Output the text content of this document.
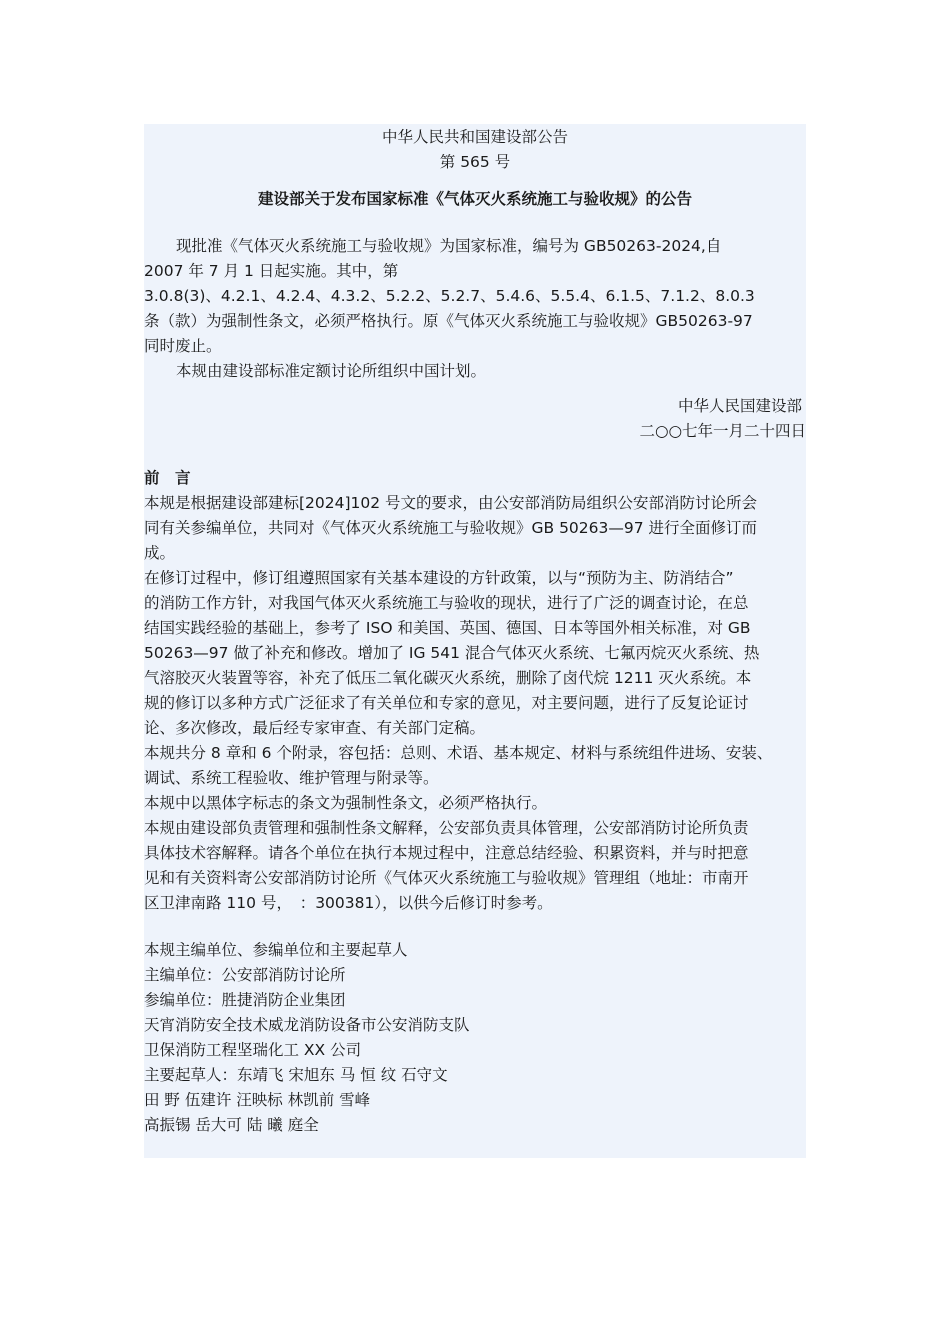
中华人民共和国建设部公告
第 565 号
建设部关于发布国家标准《气体灭火系统施工与验收规》的公告
现批准《气体灭火系统施工与验收规》为国家标准，编号为 GB50263-2024,自
2007 年 7 月 1 日起实施。其中，第
3.0.8(3)、4.2.1、4.2.4、4.3.2、5.2.2、5.2.7、5.4.6、5.5.4、6.1.5、7.1.2、8.0.3
条（款）为强制性条文，必须严格执行。原《气体灭火系统施工与验收规》GB50263-97
同时废止。
本规由建设部标准定额讨论所组织中国计划。
中华人民国建设部
二○○七年一月二十四日
前　言
本规是根据建设部建标[2024]102 号文的要求，由公安部消防局组织公安部消防讨论所会
同有关参编单位，共同对《气体灭火系统施工与验收规》GB 50263—97 进行全面修订而
成。
在修订过程中，修订组遵照国家有关基本建设的方针政策，以与“预防为主、防消结合”
的消防工作方针，对我国气体灭火系统施工与验收的现状，进行了广泛的调查讨论，在总
结国实践经验的基础上，参考了 ISO 和美国、英国、德国、日本等国外相关标准，对 GB
50263—97 做了补充和修改。增加了 IG 541 混合气体灭火系统、七氟丙烷灭火系统、热
气溶胶灭火装置等容，补充了低压二氧化碳灭火系统，删除了卤代烷 1211 灭火系统。本
规的修订以多种方式广泛征求了有关单位和专家的意见，对主要问题，进行了反复论证讨
论、多次修改，最后经专家审查、有关部门定稿。
本规共分 8 章和 6 个附录，容包括：总则、术语、基本规定、材料与系统组件进场、安装、
调试、系统工程验收、维护管理与附录等。
本规中以黑体字标志的条文为强制性条文，必须严格执行。
本规由建设部负责管理和强制性条文解释，公安部负责具体管理，公安部消防讨论所负责
具体技术容解释。请各个单位在执行本规过程中，注意总结经验、积累资料，并与时把意
见和有关资料寄公安部消防讨论所《气体灭火系统施工与验收规》管理组（地址：市南开
区卫津南路 110 号，　：300381），以供今后修订时参考。
本规主编单位、参编单位和主要起草人
主编单位：公安部消防讨论所
参编单位：胜捷消防企业集团
天宵消防安全技术威龙消防设备市公安消防支队
卫保消防工程坚瑞化工 XX 公司
主要起草人：东靖飞 宋旭东 马 恒 纹 石守文
田 野 伍建许 汪映标 林凯前 雪峰
高振锡 岳大可 陆 曦 庭全
